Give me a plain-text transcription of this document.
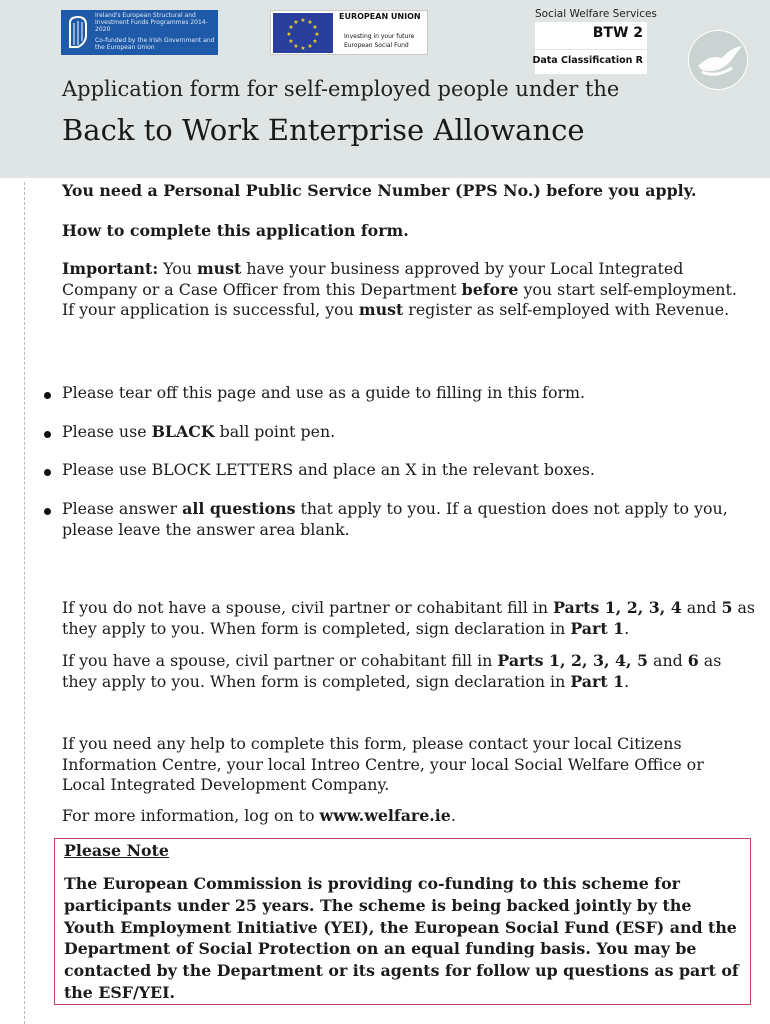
Ireland's European Structural and Investment Funds Programmes 2014-2020
Co-funded by the Irish Government and the European Union
★ ★
★
★
★
★
★
★
★
★
★
★
EUROPEAN UNION
Investing in your future European Social Fund
Social Welfare Services
BTW 2
Data Classification R
Application form for self-employed people under the
Back to Work Enterprise Allowance
You need a Personal Public Service Number (PPS No.) before you apply.
How to complete this application form.
Important: You must have your business approved by your Local Integrated Company or a Case Officer from this Department before you start self-employment. If your application is successful, you must register as self-employed with Revenue.
Please tear off this page and use as a guide to filling in this form.
Please use BLACK ball point pen.
Please use BLOCK LETTERS and place an X in the relevant boxes.
Please answer all questions that apply to you. If a question does not apply to you, please leave the answer area blank.
If you do not have a spouse, civil partner or cohabitant fill in Parts 1, 2, 3, 4 and 5 as they apply to you. When form is completed, sign declaration in Part 1.
If you have a spouse, civil partner or cohabitant fill in Parts 1, 2, 3, 4, 5 and 6 as they apply to you. When form is completed, sign declaration in Part 1.
If you need any help to complete this form, please contact your local Citizens Information Centre, your local Intreo Centre, your local Social Welfare Office or Local Integrated Development Company.
For more information, log on to www.welfare.ie.
Please Note
The European Commission is providing co-funding to this scheme for participants under 25 years. The scheme is being backed jointly by the Youth Employment Initiative (YEI), the European Social Fund (ESF) and the Department of Social Protection on an equal funding basis. You may be contacted by the Department or its agents for follow up questions as part of the ESF/YEI.
